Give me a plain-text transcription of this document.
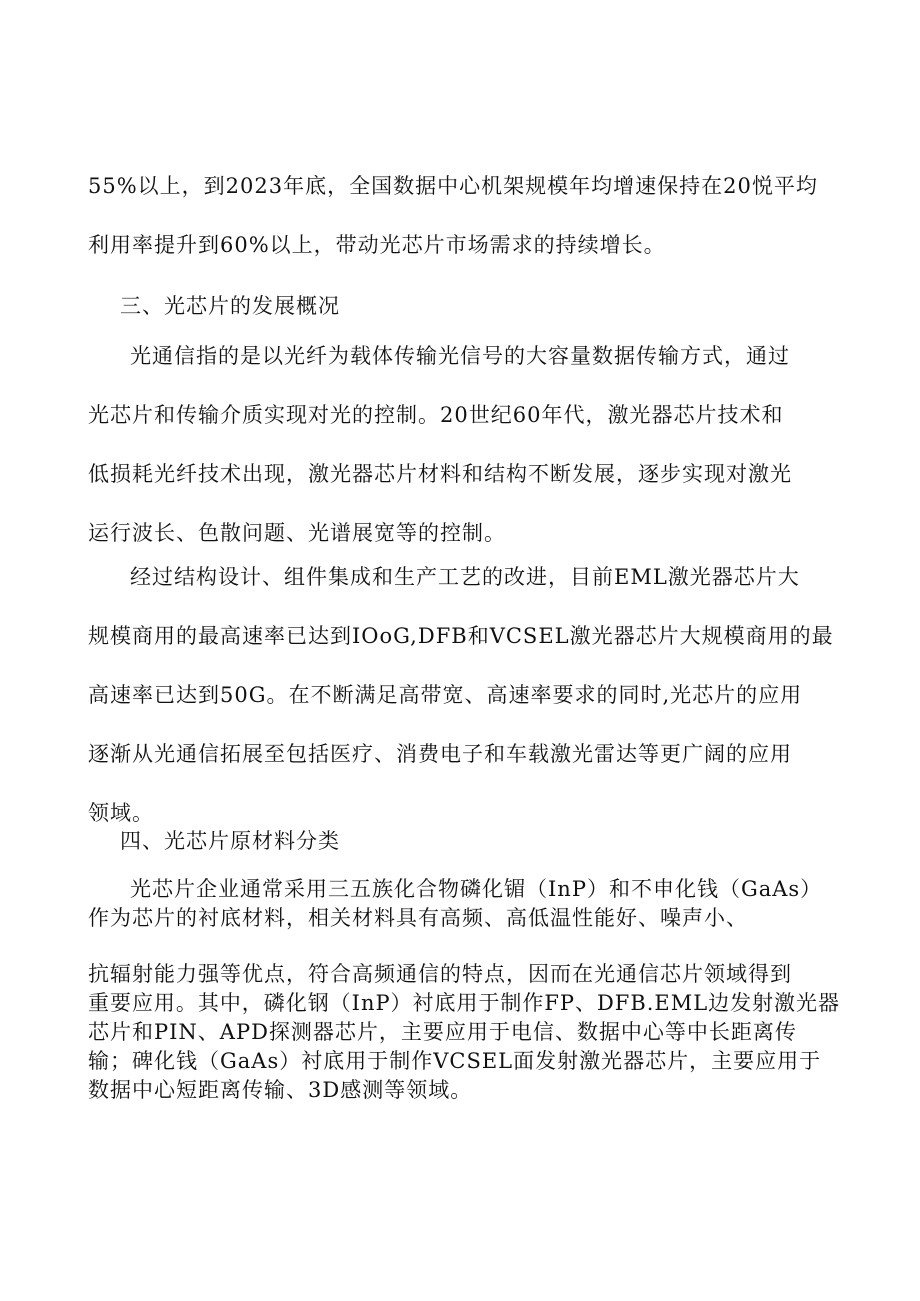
55%以上，到2023年底，全国数据中心机架规模年均增速保持在20悦平均
利用率提升到60%以上，带动光芯片市场需求的持续增长。
三、光芯片的发展概况
光通信指的是以光纤为载体传输光信号的大容量数据传输方式，通过
光芯片和传输介质实现对光的控制。20世纪60年代，激光器芯片技术和
低损耗光纤技术出现，激光器芯片材料和结构不断发展，逐步实现对激光
运行波长、色散问题、光谱展宽等的控制。
经过结构设计、组件集成和生产工艺的改进，目前EML激光器芯片大
规模商用的最高速率已达到IOoG,DFB和VCSEL激光器芯片大规模商用的最
高速率已达到50G。在不断满足高带宽、高速率要求的同时,光芯片的应用
逐渐从光通信拓展至包括医疗、消费电子和车载激光雷达等更广阔的应用
领域。
四、光芯片原材料分类
光芯片企业通常采用三五族化合物磷化镅（InP）和不申化钱（GaAs）
作为芯片的衬底材料，相关材料具有高频、高低温性能好、噪声小、
抗辐射能力强等优点，符合高频通信的特点，因而在光通信芯片领域得到
重要应用。其中，磷化钢（InP）衬底用于制作FP、DFB.EML边发射激光器
芯片和PIN、APD探测器芯片，主要应用于电信、数据中心等中长距离传
输；碑化钱（GaAs）衬底用于制作VCSEL面发射激光器芯片，主要应用于
数据中心短距离传输、3D感测等领域。
